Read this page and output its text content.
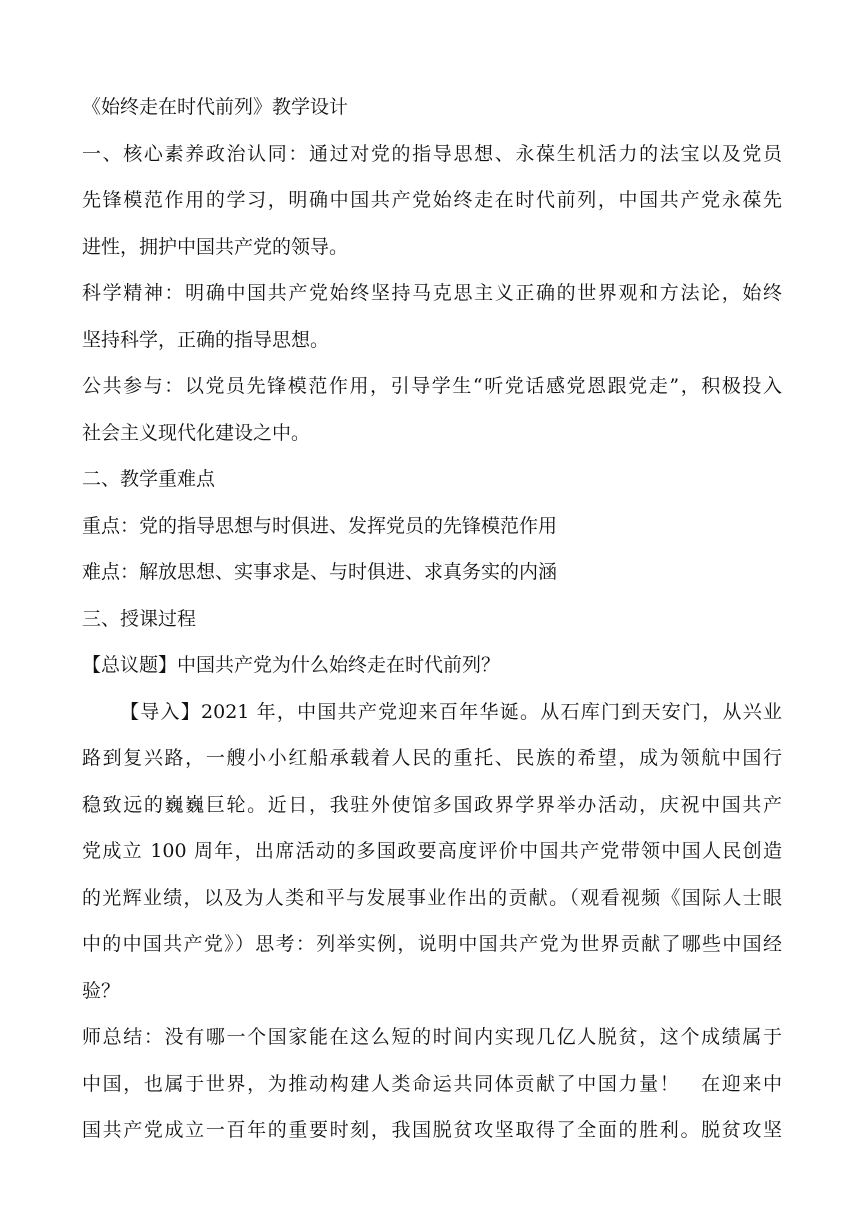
《始终走在时代前列》教学设计
一、核心素养政治认同：通过对党的指导思想、永葆生机活力的法宝以及党员
先锋模范作用的学习，明确中国共产党始终走在时代前列，中国共产党永葆先
进性，拥护中国共产党的领导。
科学精神：明确中国共产党始终坚持马克思主义正确的世界观和方法论，始终
坚持科学，正确的指导思想。
公共参与：以党员先锋模范作用，引导学生“听党话感党恩跟党走”，积极投入
社会主义现代化建设之中。
二、教学重难点
重点：党的指导思想与时俱进、发挥党员的先锋模范作用
难点：解放思想、实事求是、与时俱进、求真务实的内涵
三、授课过程
【总议题】中国共产党为什么始终走在时代前列？
【导入】2021 年，中国共产党迎来百年华诞。从石库门到天安门，从兴业
路到复兴路，一艘小小红船承载着人民的重托、民族的希望，成为领航中国行
稳致远的巍巍巨轮。近日，我驻外使馆多国政界学界举办活动，庆祝中国共产
党成立 100 周年，出席活动的多国政要高度评价中国共产党带领中国人民创造
的光辉业绩，以及为人类和平与发展事业作出的贡献。（观看视频《国际人士眼
中的中国共产党》）思考：列举实例，说明中国共产党为世界贡献了哪些中国经
验？
师总结：没有哪一个国家能在这么短的时间内实现几亿人脱贫，这个成绩属于
中国，也属于世界，为推动构建人类命运共同体贡献了中国力量！　在迎来中
国共产党成立一百年的重要时刻，我国脱贫攻坚取得了全面的胜利。脱贫攻坚
